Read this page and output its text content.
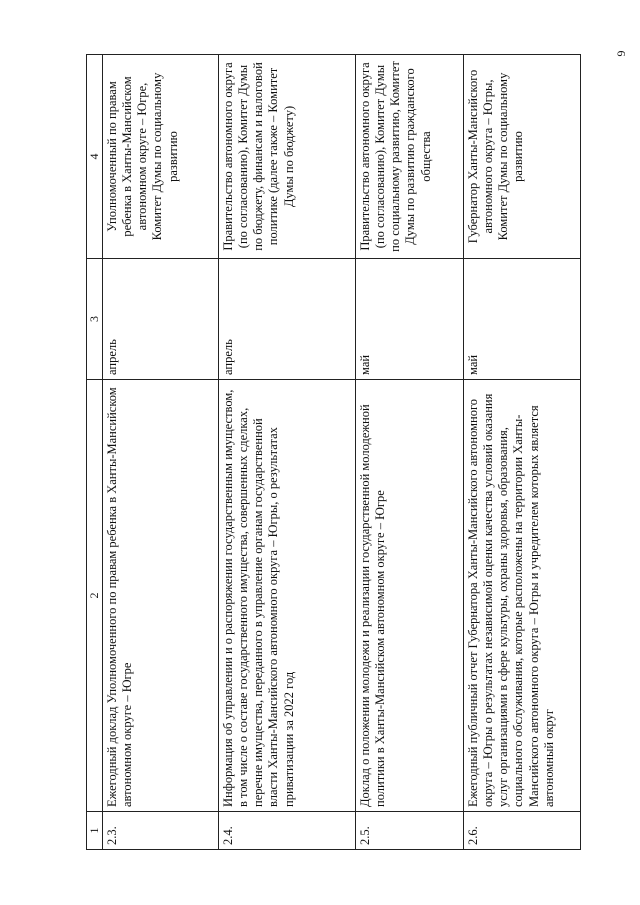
6
1	2	3	4
2.3.	Ежегодный доклад Уполномоченного по правам ребенка в Ханты-Мансийском автономном округе – Югре	апрель	Уполномоченный по правам ребенка в Ханты-Мансийском автономном округе – Югре, Комитет Думы по социальному развитию
2.4.	Информация об управлении и о распоряжении государственным имуществом, в том числе о составе государственного имущества, совершенных сделках, перечне имущества, переданного в управление органам государственной власти Ханты-Мансийского автономного округа – Югры, о результатах приватизации за 2022 год	апрель	Правительство автономного округа (по согласованию), Комитет Думы по бюджету, финансам и налоговой политике (далее также – Комитет Думы по бюджету)
2.5.	Доклад о положении молодежи и реализации государственной молодежной политики в Ханты-Мансийском автономном округе – Югре	май	Правительство автономного округа (по согласованию), Комитет Думы по социальному развитию, Комитет Думы по развитию гражданского общества
2.6.	Ежегодный публичный отчет Губернатора Ханты-Мансийского автономного округа – Югры о результатах независимой оценки качества условий оказания услуг организациями в сфере культуры, охраны здоровья, образования, социального обслуживания, которые расположены на территории Ханты-Мансийского автономного округа – Югры и учредителем которых является автономный округ	май	Губернатор Ханты-Мансийского автономного округа – Югры, Комитет Думы по социальному развитию
